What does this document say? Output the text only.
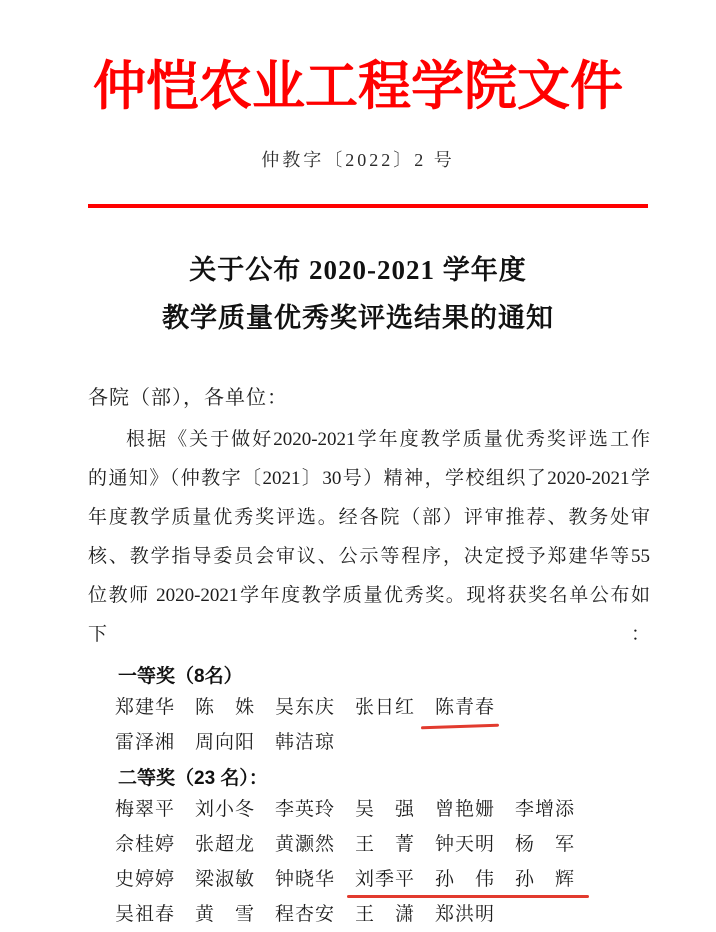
仲恺农业工程学院文件
仲教字〔2022〕2 号
关于公布 2020-2021 学年度
教学质量优秀奖评选结果的通知
各院（部），各单位：
根据《关于做好2020-2021学年度教学质量优秀奖评选工作
的通知》（仲教字〔2021〕30号）精神，学校组织了2020-2021学
年度教学质量优秀奖评选。经各院（部）评审推荐、教务处审
核、教学指导委员会审议、公示等程序，决定授予郑建华等55
位教师 2020-2021学年度教学质量优秀奖。现将获奖名单公布如下：
一等奖（8名）
郑建华　陈　姝　吴东庆　张日红　陈青春
雷泽湘　周向阳　韩洁琼
二等奖（23 名）：
梅翠平　刘小冬　李英玲　吴　强　曾艳姗　李增添
佘桂婷　张超龙　黄灏然　王　菁　钟天明　杨　军
史婷婷　梁淑敏　钟晓华　刘季平　孙　伟　孙　辉
吴祖春　黄　雪　程杏安　王　潇　郑洪明
